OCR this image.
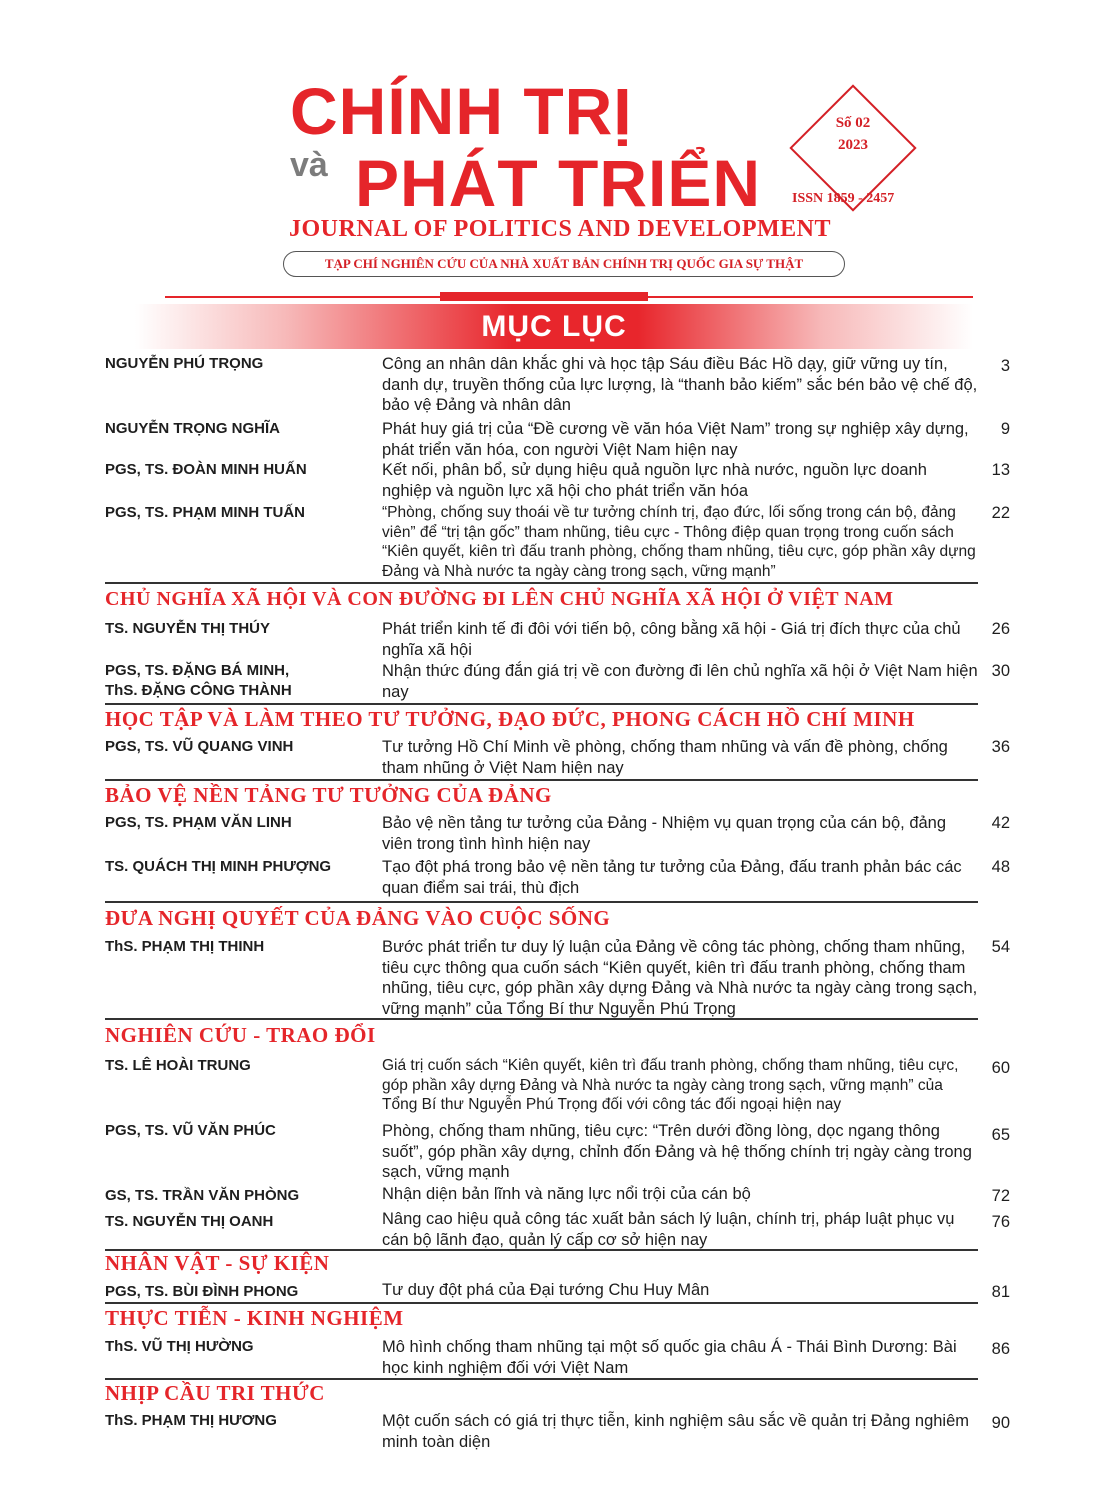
CHÍNH TRỊ
và PHÁT TRIỂN
JOURNAL OF POLITICS AND DEVELOPMENT
TẠP CHÍ NGHIÊN CỨU CỦA NHÀ XUẤT BẢN CHÍNH TRỊ QUỐC GIA SỰ THẬT
Số 02
2023
ISSN 1859 - 2457
MỤC LỤC
NGUYỄN PHÚ TRỌNG	Công an nhân dân khắc ghi và học tập Sáu điều Bác Hồ dạy, giữ vững uy tín, danh dự, truyền thống của lực lượng, là “thanh bảo kiếm” sắc bén bảo vệ chế độ, bảo vệ Đảng và nhân dân
3
NGUYỄN TRỌNG NGHĨA	Phát huy giá trị của “Đề cương về văn hóa Việt Nam” trong sự nghiệp xây dựng, phát triển văn hóa, con người Việt Nam hiện nay
9
PGS, TS. ĐOÀN MINH HUẤN	Kết nối, phân bổ, sử dụng hiệu quả nguồn lực nhà nước, nguồn lực doanh nghiệp và nguồn lực xã hội cho phát triển văn hóa
13
PGS, TS. PHẠM MINH TUẤN	“Phòng, chống suy thoái về tư tưởng chính trị, đạo đức, lối sống trong cán bộ, đảng viên” để “trị tận gốc” tham nhũng, tiêu cực - Thông điệp quan trọng trong cuốn sách “Kiên quyết, kiên trì đấu tranh phòng, chống tham nhũng, tiêu cực, góp phần xây dựng Đảng và Nhà nước ta ngày càng trong sạch, vững mạnh”
22
CHỦ NGHĨA XÃ HỘI VÀ CON ĐƯỜNG ĐI LÊN CHỦ NGHĨA XÃ HỘI Ở VIỆT NAM
TS. NGUYỄN THỊ THÚY	Phát triển kinh tế đi đôi với tiến bộ, công bằng xã hội - Giá trị đích thực của chủ nghĩa xã hội
26
PGS, TS. ĐẶNG BÁ MINH,
ThS. ĐẶNG CÔNG THÀNH
Nhận thức đúng đắn giá trị về con đường đi lên chủ nghĩa xã hội ở Việt Nam hiện nay
30
HỌC TẬP VÀ LÀM THEO TƯ TƯỞNG, ĐẠO ĐỨC, PHONG CÁCH HỒ CHÍ MINH
PGS, TS. VŨ QUANG VINH	Tư tưởng Hồ Chí Minh về phòng, chống tham nhũng và vấn đề phòng, chống tham nhũng ở Việt Nam hiện nay
36
BẢO VỆ NỀN TẢNG TƯ TƯỞNG CỦA ĐẢNG
PGS, TS. PHẠM VĂN LINH	Bảo vệ nền tảng tư tưởng của Đảng - Nhiệm vụ quan trọng của cán bộ, đảng viên trong tình hình hiện nay
42
TS. QUÁCH THỊ MINH PHƯỢNG	Tạo đột phá trong bảo vệ nền tảng tư tưởng của Đảng, đấu tranh phản bác các quan điểm sai trái, thù địch
48
ĐƯA NGHỊ QUYẾT CỦA ĐẢNG VÀO CUỘC SỐNG
ThS. PHẠM THỊ THINH	Bước phát triển tư duy lý luận của Đảng về công tác phòng, chống tham nhũng, tiêu cực thông qua cuốn sách “Kiên quyết, kiên trì đấu tranh phòng, chống tham nhũng, tiêu cực, góp phần xây dựng Đảng và Nhà nước ta ngày càng trong sạch, vững mạnh” của Tổng Bí thư Nguyễn Phú Trọng
54
NGHIÊN CỨU - TRAO ĐỔI
TS. LÊ HOÀI TRUNG	Giá trị cuốn sách “Kiên quyết, kiên trì đấu tranh phòng, chống tham nhũng, tiêu cực, góp phần xây dựng Đảng và Nhà nước ta ngày càng trong sạch, vững mạnh” của Tổng Bí thư Nguyễn Phú Trọng đối với công tác đối ngoại hiện nay
60
PGS, TS. VŨ VĂN PHÚC	Phòng, chống tham nhũng, tiêu cực: “Trên dưới đồng lòng, dọc ngang thông suốt”, góp phần xây dựng, chỉnh đốn Đảng và hệ thống chính trị ngày càng trong sạch, vững mạnh
65
GS, TS. TRẦN VĂN PHÒNG	Nhận diện bản lĩnh và năng lực nổi trội của cán bộ	72
TS. NGUYỄN THỊ OANH	Nâng cao hiệu quả công tác xuất bản sách lý luận, chính trị, pháp luật phục vụ cán bộ lãnh đạo, quản lý cấp cơ sở hiện nay
76
NHÂN VẬT - SỰ KIỆN
PGS, TS. BÙI ĐÌNH PHONG	Tư duy đột phá của Đại tướng Chu Huy Mân	81
THỰC TIỄN - KINH NGHIỆM
ThS. VŨ THỊ HƯỜNG	Mô hình chống tham nhũng tại một số quốc gia châu Á - Thái Bình Dương: Bài học kinh nghiệm đối với Việt Nam
86
NHỊP CẦU TRI THỨC
ThS. PHẠM THỊ HƯƠNG	Một cuốn sách có giá trị thực tiễn, kinh nghiệm sâu sắc về quản trị Đảng nghiêm minh toàn diện
90
